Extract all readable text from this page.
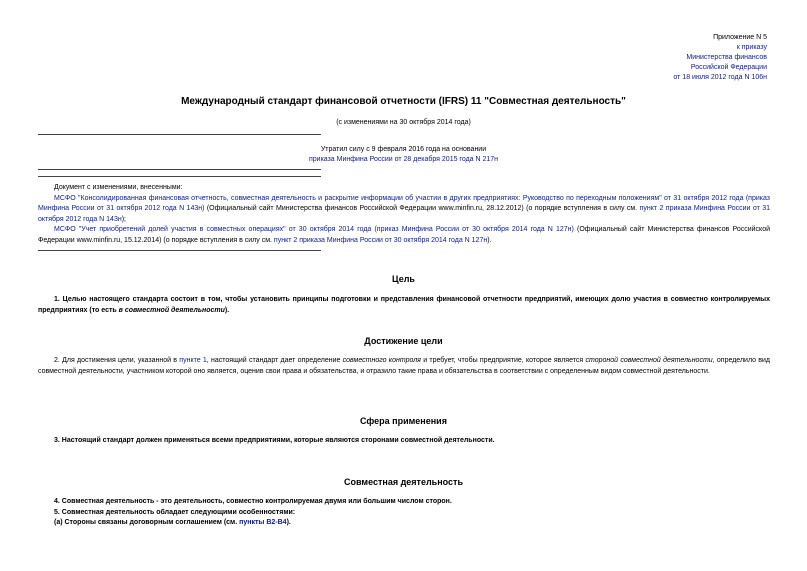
Приложение N 5
к приказу
Министерства финансов
Российской Федерации
от 18 июля 2012 года N 106н
Международный стандарт финансовой отчетности (IFRS) 11 "Совместная деятельность"
(с изменениями на 30 октября 2014 года)
Утратил силу с 9 февраля 2016 года на основании
приказа Минфина России от 28 декабря 2015 года N 217н

Документ с изменениями, внесенными:

МСФО "Консолидированная финансовая отчетность, совместная деятельность и раскрытие информации об участии в других предприятиях: Руководство по переходным положениям" от 31 октября 2012 года (приказ Минфина России от 31 октября 2012 года N 143н) (Официальный сайт Министерства финансов Российской Федерации www.minfin.ru, 28.12.2012) (о порядке вступления в силу см. пункт 2 приказа Минфина России от 31 октября 2012 года N 143н);

МСФО "Учет приобретений долей участия в совместных операциях" от 30 октября 2014 года (приказ Минфина России от 30 октября 2014 года N 127н) (Официальный сайт Министерства финансов Российской Федерации www.minfin.ru, 15.12.2014) (о порядке вступления в силу см. пункт 2 приказа Минфина России от 30 октября 2014 года N 127н).

Цель

1. Целью настоящего стандарта состоит в том, чтобы установить принципы подготовки и представления финансовой отчетности предприятий, имеющих долю участия в совместно контролируемых предприятиях (то есть в совместной деятельности).

Достижение цели

2. Для достижения цели, указанной в пункте 1, настоящий стандарт дает определение совместного контроля и требует, чтобы предприятие, которое является стороной совместной деятельности, определило вид совместной деятельности, участником которой оно является, оценив свои права и обязательства, и отразило такие права и обязательства в соответствии с определенным видом совместной деятельности.

Сфера применения

3. Настоящий стандарт должен применяться всеми предприятиями, которые являются сторонами совместной деятельности.

Совместная деятельность

4. Совместная деятельность - это деятельность, совместно контролируемая двумя или большим числом сторон.

5. Совместная деятельность обладает следующими особенностями:

(a) Стороны связаны договорным соглашением (см. пункты B2-B4).
